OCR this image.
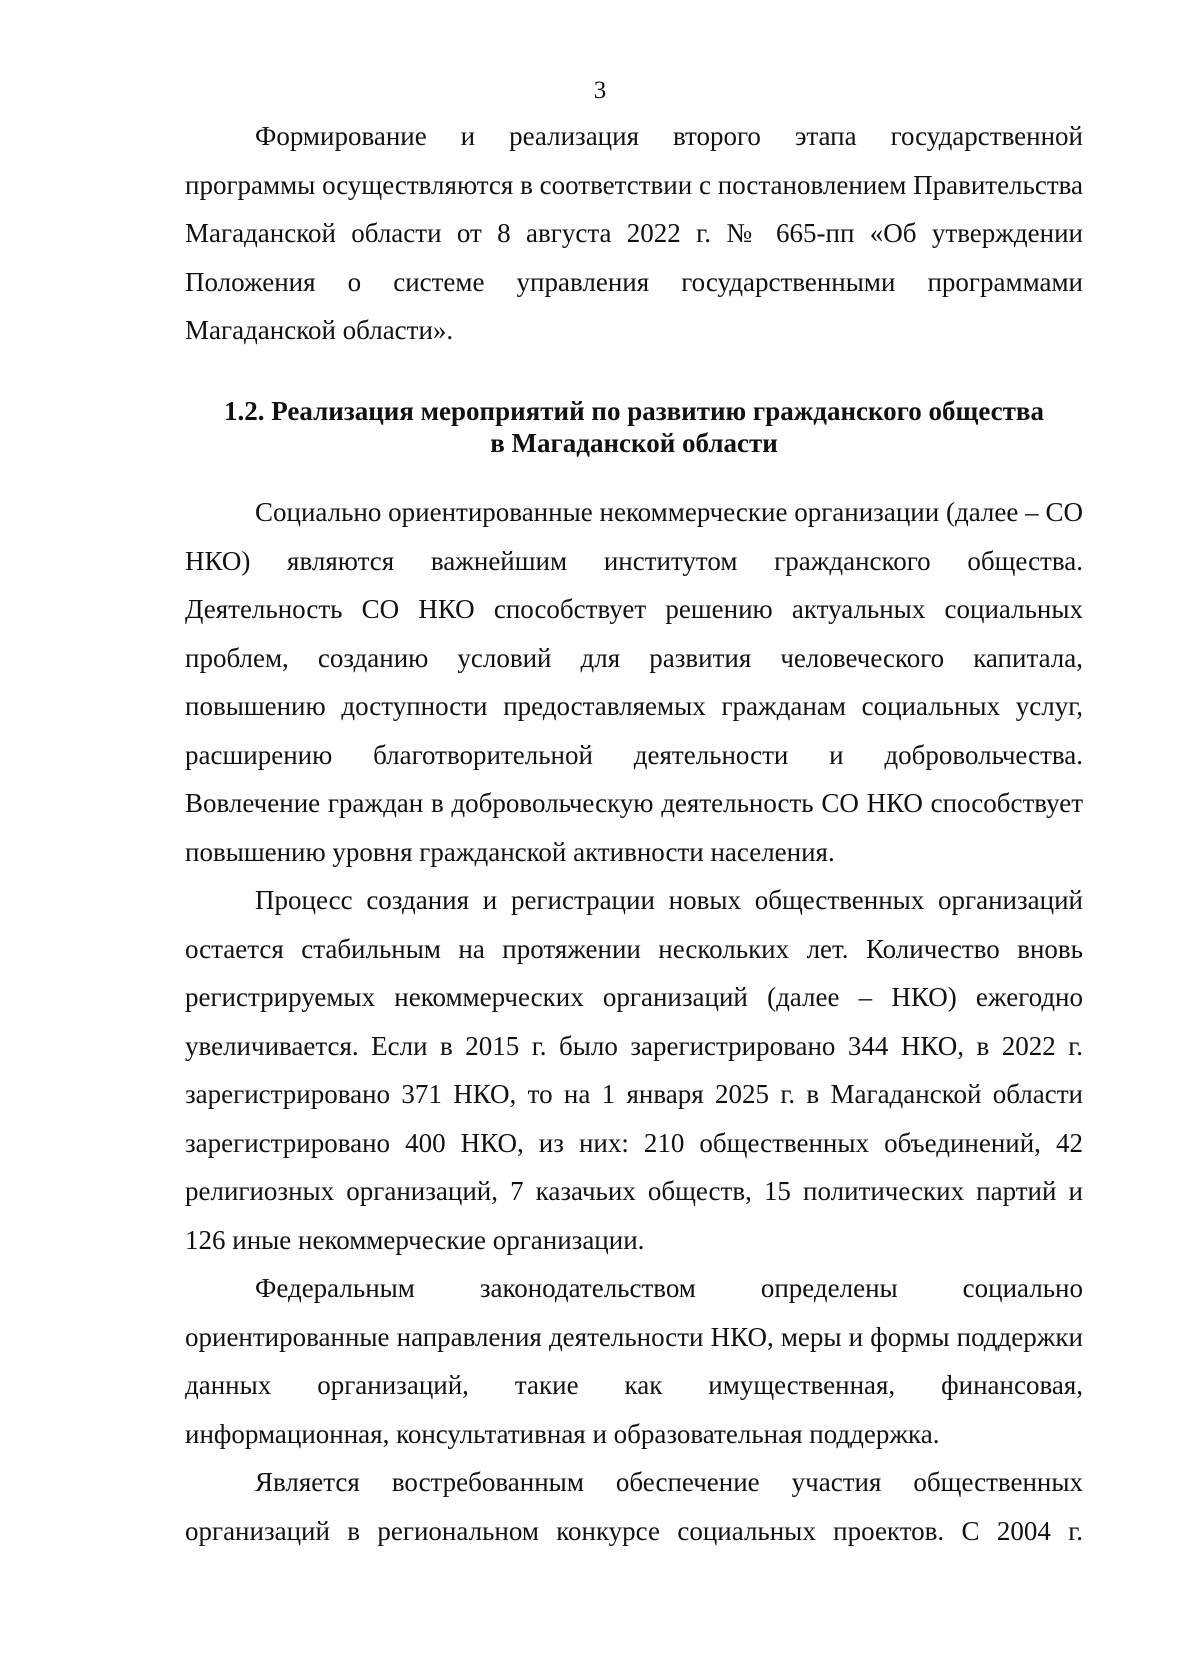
3

Формирование и реализация второго этапа государственной программы осуществляются в соответствии с постановлением Правительства Магаданской области от 8 августа 2022 г. № 665-пп «Об утверждении Положения о системе управления государственными программами Магаданской области».

1.2. Реализация мероприятий по развитию гражданского общества
в Магаданской области

Социально ориентированные некоммерческие организации (далее – СО НКО) являются важнейшим институтом гражданского общества. Деятельность СО НКО способствует решению актуальных социальных проблем, созданию условий для развития человеческого капитала, повышению доступности предоставляемых гражданам социальных услуг, расширению благотворительной деятельности и добровольчества. Вовлечение граждан в добровольческую деятельность СО НКО способствует повышению уровня гражданской активности населения.

Процесс создания и регистрации новых общественных организаций остается стабильным на протяжении нескольких лет. Количество вновь регистрируемых некоммерческих организаций (далее – НКО) ежегодно увеличивается. Если в 2015 г. было зарегистрировано 344 НКО, в 2022 г. зарегистрировано 371 НКО, то на 1 января 2025 г. в Магаданской области зарегистрировано 400 НКО, из них: 210 общественных объединений, 42 религиозных организаций, 7 казачьих обществ, 15 политических партий и 126 иные некоммерческие организации.

Федеральным законодательством определены социально ориентированные направления деятельности НКО, меры и формы поддержки данных организаций, такие как имущественная, финансовая, информационная, консультативная и образовательная поддержка.

Является востребованным обеспечение участия общественных организаций в региональном конкурсе социальных проектов. С 2004 г.
